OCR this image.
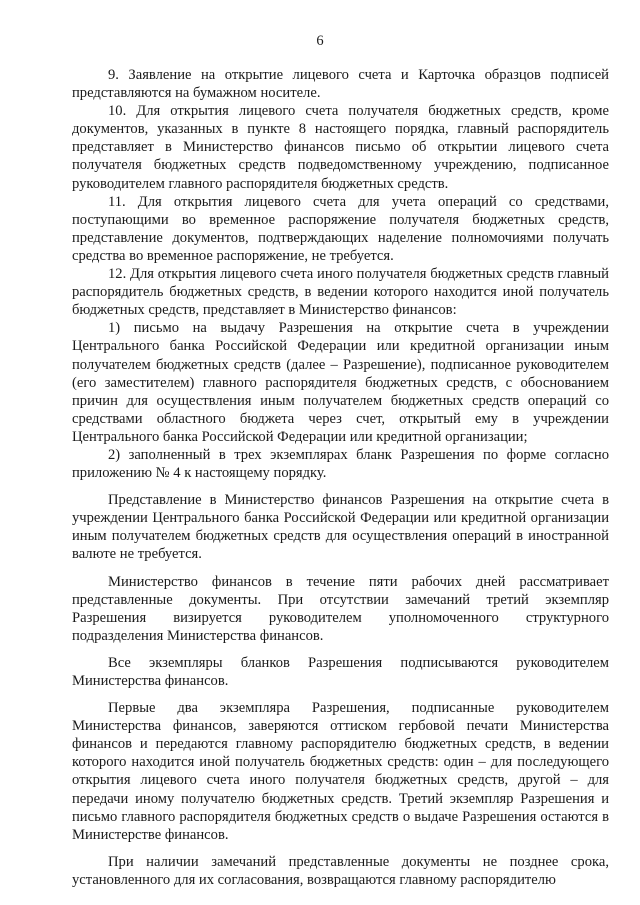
6

9. Заявление на открытие лицевого счета и Карточка образцов подписей представляются на бумажном носителе.

10. Для открытия лицевого счета получателя бюджетных средств, кроме документов, указанных в пункте 8 настоящего порядка, главный распорядитель представляет в Министерство финансов письмо об открытии лицевого счета получателя бюджетных средств подведомственному учреждению, подписанное руководителем главного распорядителя бюджетных средств.

11. Для открытия лицевого счета для учета операций со средствами, поступающими во временное распоряжение получателя бюджетных средств, представление документов, подтверждающих наделение полномочиями получать средства во временное распоряжение, не требуется.

12. Для открытия лицевого счета иного получателя бюджетных средств главный распорядитель бюджетных средств, в ведении которого находится иной получатель бюджетных средств, представляет в Министерство финансов:

1) письмо на выдачу Разрешения на открытие счета в учреждении Центрального банка Российской Федерации или кредитной организации иным получателем бюджетных средств (далее – Разрешение), подписанное руководителем (его заместителем) главного распорядителя бюджетных средств, с обоснованием причин для осуществления иным получателем бюджетных средств операций со средствами областного бюджета через счет, открытый ему в учреждении Центрального банка Российской Федерации или кредитной организации;

2) заполненный в трех экземплярах бланк Разрешения по форме согласно приложению № 4 к настоящему порядку.

Представление в Министерство финансов Разрешения на открытие счета в учреждении Центрального банка Российской Федерации или кредитной организации иным получателем бюджетных средств для осуществления операций в иностранной валюте не требуется.

Министерство финансов в течение пяти рабочих дней рассматривает представленные документы. При отсутствии замечаний третий экземпляр Разрешения визируется руководителем уполномоченного структурного подразделения Министерства финансов.

Все экземпляры бланков Разрешения подписываются руководителем Министерства финансов.

Первые два экземпляра Разрешения, подписанные руководителем Министерства финансов, заверяются оттиском гербовой печати Министерства финансов и передаются главному распорядителю бюджетных средств, в ведении которого находится иной получатель бюджетных средств: один – для последующего открытия лицевого счета иного получателя бюджетных средств, другой – для передачи иному получателю бюджетных средств. Третий экземпляр Разрешения и письмо главного распорядителя бюджетных средств о выдаче Разрешения остаются в Министерстве финансов.

При наличии замечаний представленные документы не позднее срока, установленного для их согласования, возвращаются главному распорядителю
